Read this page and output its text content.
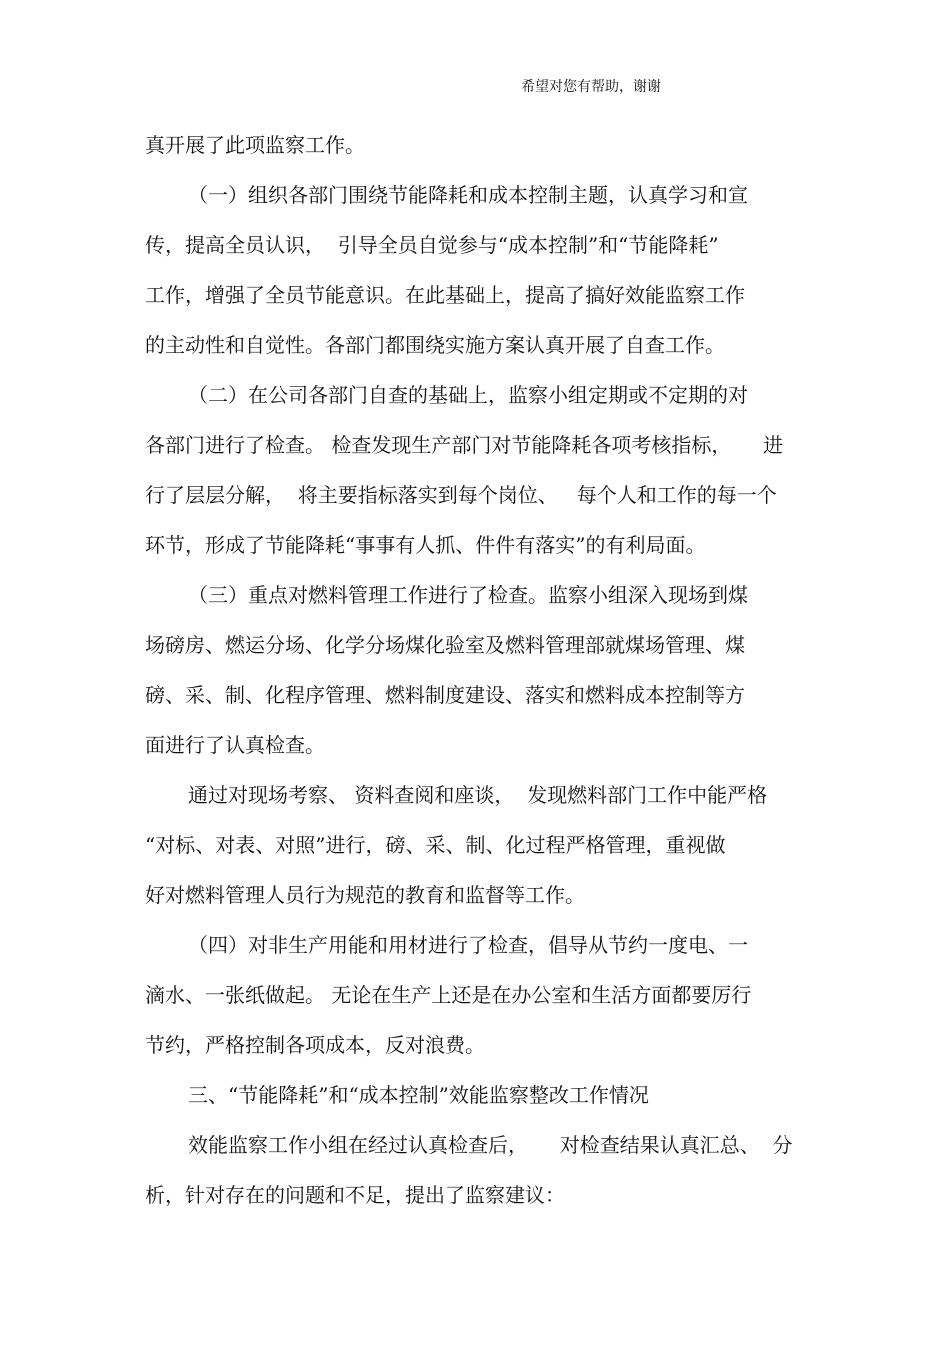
希望对您有帮助，谢谢
真开展了此项监察工作。
（一）组织各部门围绕节能降耗和成本控制主题，认真学习和宣
传，提高全员认识，  引导全员自觉参与“成本控制”和“节能降耗”
工作，增强了全员节能意识。在此基础上，提高了搞好效能监察工作
的主动性和自觉性。各部门都围绕实施方案认真开展了自查工作。
（二）在公司各部门自查的基础上，监察小组定期或不定期的对
各部门进行了检查。 检查发现生产部门对节能降耗各项考核指标，     进
行了层层分解，  将主要指标落实到每个岗位、   每个人和工作的每一个
环节，形成了节能降耗“事事有人抓、件件有落实”的有利局面。
（三）重点对燃料管理工作进行了检查。监察小组深入现场到煤
场磅房、燃运分场、化学分场煤化验室及燃料管理部就煤场管理、煤
磅、采、制、化程序管理、燃料制度建设、落实和燃料成本控制等方
面进行了认真检查。
通过对现场考察、 资料查阅和座谈，  发现燃料部门工作中能严格
“对标、对表、对照”进行，磅、采、制、化过程严格管理，重视做
好对燃料管理人员行为规范的教育和监督等工作。
（四）对非生产用能和用材进行了检查，倡导从节约一度电、一
滴水、一张纸做起。 无论在生产上还是在办公室和生活方面都要厉行
节约，严格控制各项成本，反对浪费。
三、“节能降耗”和“成本控制”效能监察整改工作情况
效能监察工作小组在经过认真检查后，     对检查结果认真汇总、  分
析，针对存在的问题和不足，提出了监察建议：
